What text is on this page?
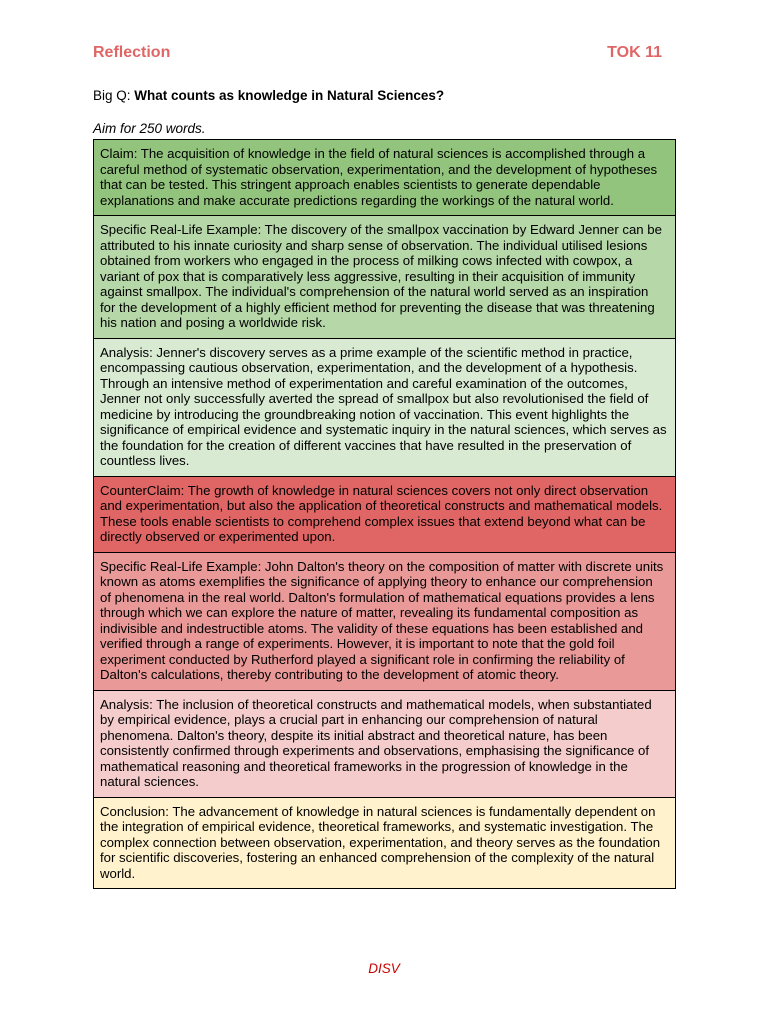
Reflection	TOK 11
Big Q: What counts as knowledge in Natural Sciences?
Aim for 250 words.
Claim: The acquisition of knowledge in the field of natural sciences is accomplished through a careful method of systematic observation, experimentation, and the development of hypotheses that can be tested. This stringent approach enables scientists to generate dependable explanations and make accurate predictions regarding the workings of the natural world.
Specific Real-Life Example: The discovery of the smallpox vaccination by Edward Jenner can be attributed to his innate curiosity and sharp sense of observation. The individual utilised lesions obtained from workers who engaged in the process of milking cows infected with cowpox, a variant of pox that is comparatively less aggressive, resulting in their acquisition of immunity against smallpox. The individual's comprehension of the natural world served as an inspiration for the development of a highly efficient method for preventing the disease that was threatening his nation and posing a worldwide risk.
Analysis: Jenner's discovery serves as a prime example of the scientific method in practice, encompassing cautious observation, experimentation, and the development of a hypothesis. Through an intensive method of experimentation and careful examination of the outcomes, Jenner not only successfully averted the spread of smallpox but also revolutionised the field of medicine by introducing the groundbreaking notion of vaccination. This event highlights the significance of empirical evidence and systematic inquiry in the natural sciences, which serves as the foundation for the creation of different vaccines that have resulted in the preservation of countless lives.
CounterClaim: The growth of knowledge in natural sciences covers not only direct observation and experimentation, but also the application of theoretical constructs and mathematical models. These tools enable scientists to comprehend complex issues that extend beyond what can be directly observed or experimented upon.
Specific Real-Life Example: John Dalton's theory on the composition of matter with discrete units known as atoms exemplifies the significance of applying theory to enhance our comprehension of phenomena in the real world. Dalton's formulation of mathematical equations provides a lens through which we can explore the nature of matter, revealing its fundamental composition as indivisible and indestructible atoms. The validity of these equations has been established and verified through a range of experiments. However, it is important to note that the gold foil experiment conducted by Rutherford played a significant role in confirming the reliability of Dalton's calculations, thereby contributing to the development of atomic theory.
Analysis: The inclusion of theoretical constructs and mathematical models, when substantiated by empirical evidence, plays a crucial part in enhancing our comprehension of natural phenomena. Dalton's theory, despite its initial abstract and theoretical nature, has been consistently confirmed through experiments and observations, emphasising the significance of mathematical reasoning and theoretical frameworks in the progression of knowledge in the natural sciences.
Conclusion: The advancement of knowledge in natural sciences is fundamentally dependent on the integration of empirical evidence, theoretical frameworks, and systematic investigation. The complex connection between observation, experimentation, and theory serves as the foundation for scientific discoveries, fostering an enhanced comprehension of the complexity of the natural world.
DISV
